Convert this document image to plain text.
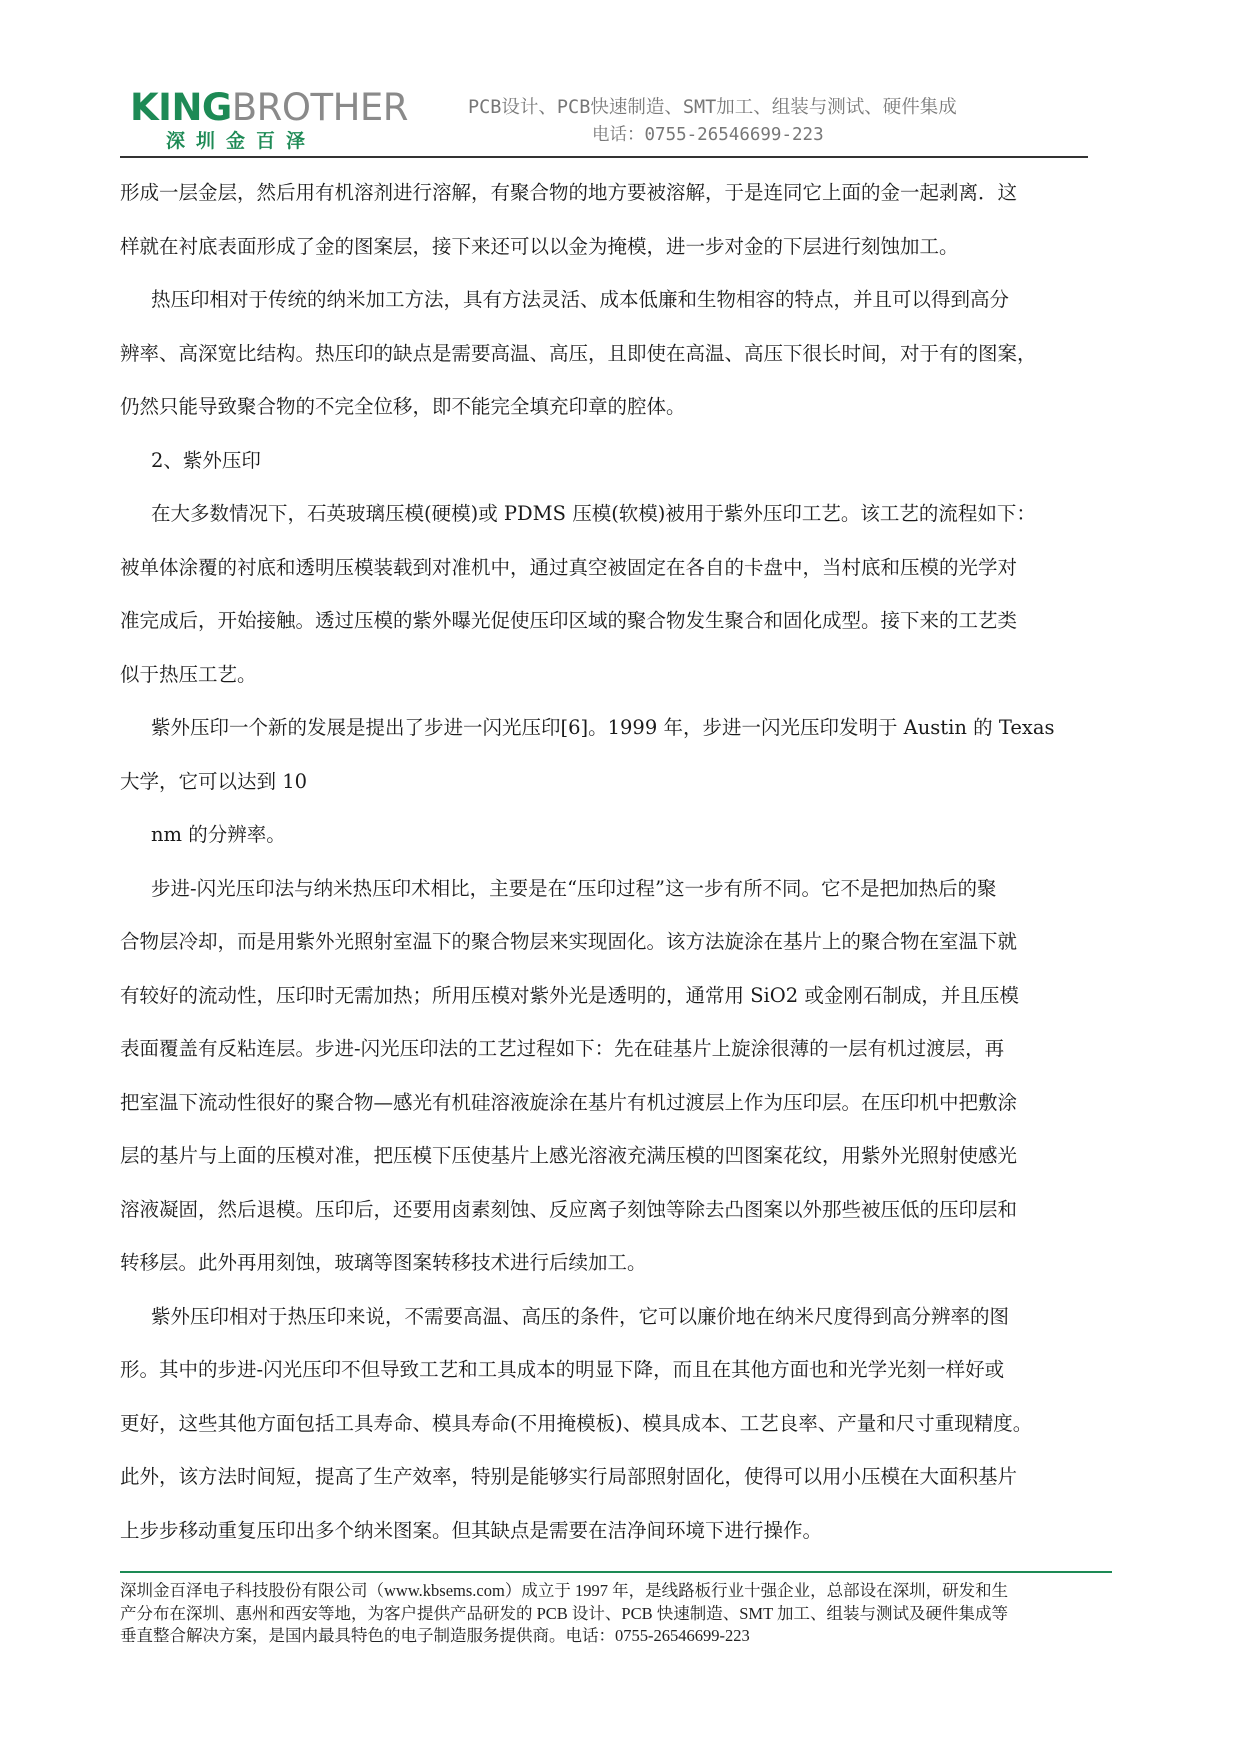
KINGBROTHER
深圳金百泽
PCB设计、PCB快速制造、SMT加工、组装与测试、硬件集成
电话：0755-26546699-223

形成一层金层，然后用有机溶剂进行溶解，有聚合物的地方要被溶解，于是连同它上面的金一起剥离．这

样就在衬底表面形成了金的图案层，接下来还可以以金为掩模，进一步对金的下层进行刻蚀加工。

热压印相对于传统的纳米加工方法，具有方法灵活、成本低廉和生物相容的特点，并且可以得到高分

辨率、高深宽比结构。热压印的缺点是需要高温、高压，且即使在高温、高压下很长时间，对于有的图案，

仍然只能导致聚合物的不完全位移，即不能完全填充印章的腔体。

2、紫外压印

在大多数情况下，石英玻璃压模(硬模)或 PDMS 压模(软模)被用于紫外压印工艺。该工艺的流程如下：

被单体涂覆的衬底和透明压模装载到对准机中，通过真空被固定在各自的卡盘中，当村底和压模的光学对

准完成后，开始接触。透过压模的紫外曝光促使压印区域的聚合物发生聚合和固化成型。接下来的工艺类

似于热压工艺。

紫外压印一个新的发展是提出了步进一闪光压印[6]。1999 年，步进一闪光压印发明于 Austin 的 Texas

大学，它可以达到 10

nm 的分辨率。

步进-闪光压印法与纳米热压印术相比，主要是在“压印过程”这一步有所不同。它不是把加热后的聚

合物层冷却，而是用紫外光照射室温下的聚合物层来实现固化。该方法旋涂在基片上的聚合物在室温下就

有较好的流动性，压印时无需加热；所用压模对紫外光是透明的，通常用 SiO2 或金刚石制成，并且压模

表面覆盖有反粘连层。步进-闪光压印法的工艺过程如下：先在硅基片上旋涂很薄的一层有机过渡层，再

把室温下流动性很好的聚合物—感光有机硅溶液旋涂在基片有机过渡层上作为压印层。在压印机中把敷涂

层的基片与上面的压模对准，把压模下压使基片上感光溶液充满压模的凹图案花纹，用紫外光照射使感光

溶液凝固，然后退模。压印后，还要用卤素刻蚀、反应离子刻蚀等除去凸图案以外那些被压低的压印层和

转移层。此外再用刻蚀，玻璃等图案转移技术进行后续加工。

紫外压印相对于热压印来说，不需要高温、高压的条件，它可以廉价地在纳米尺度得到高分辨率的图

形。其中的步进-闪光压印不但导致工艺和工具成本的明显下降，而且在其他方面也和光学光刻一样好或

更好，这些其他方面包括工具寿命、模具寿命(不用掩模板)、模具成本、工艺良率、产量和尺寸重现精度。

此外，该方法时间短，提高了生产效率，特别是能够实行局部照射固化，使得可以用小压模在大面积基片

上步步移动重复压印出多个纳米图案。但其缺点是需要在洁净间环境下进行操作。

深圳金百泽电子科技股份有限公司（www.kbsems.com）成立于 1997 年，是线路板行业十强企业，总部设在深圳，研发和生
产分布在深圳、惠州和西安等地，为客户提供产品研发的 PCB 设计、PCB 快速制造、SMT 加工、组装与测试及硬件集成等
垂直整合解决方案，是国内最具特色的电子制造服务提供商。电话：0755-26546699-223
